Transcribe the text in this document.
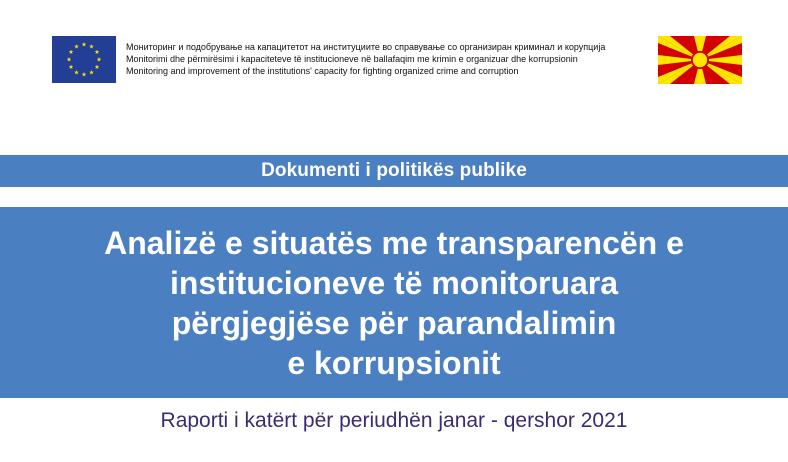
Мониторинг и подобрување на капацитетот на институциите во справување со организиран криминал и корупција
Monitorimi dhe përmirësimi i kapaciteteve të institucioneve në ballafaqim me krimin e organizuar dhe korrupsionin
Monitoring and improvement of the institutions' capacity for fighting organized crime and corruption
Dokumenti i politikës publike
Analizë e situatës me transparencën e
institucioneve të monitoruara
përgjegjëse për parandalimin
e korrupsionit
Raporti i katërt për periudhën janar - qershor 2021
